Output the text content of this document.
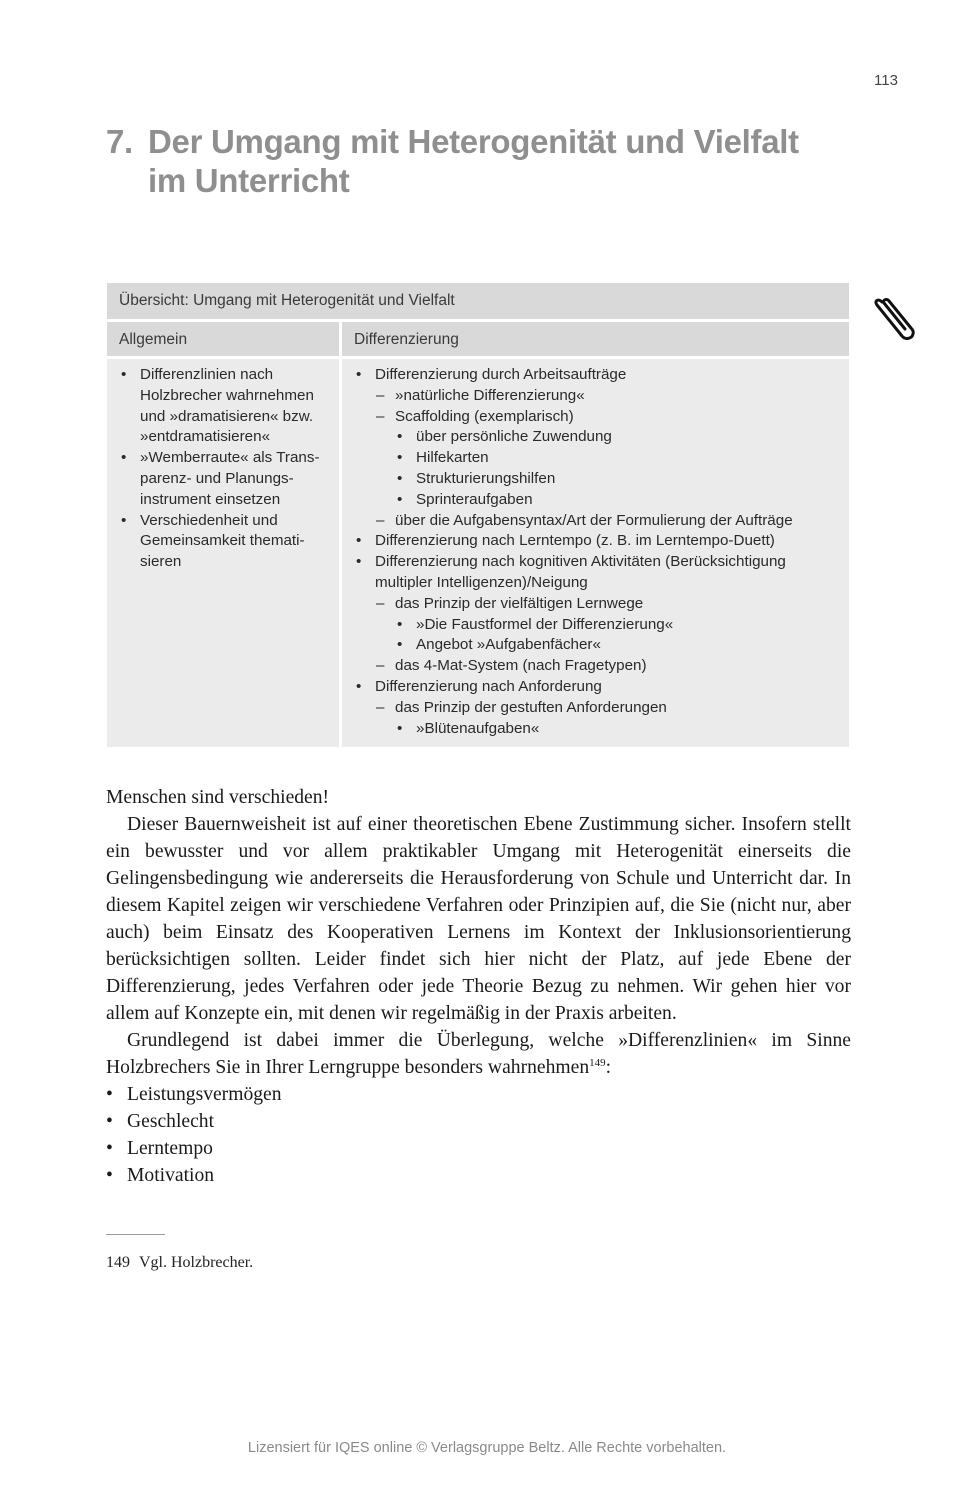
113
7. Der Umgang mit Heterogenität und Vielfalt
im Unterricht
Übersicht: Umgang mit Heterogenität und Vielfalt
Allgemein	Differenzierung
• Differenzlinien nach
Holzbrecher wahrnehmen
und »dramatisieren« bzw.
»entdramatisieren«
• »Wemberraute« als Trans-
parenz- und Planungs-
instrument einsetzen
• Verschiedenheit und
Gemeinsamkeit themati-
sieren
• Differenzierung durch Arbeitsaufträge
– »natürliche Differenzierung«
– Scaffolding (exemplarisch)
• über persönliche Zuwendung
• Hilfekarten
• Strukturierungshilfen
• Sprinteraufgaben
– über die Aufgabensyntax/Art der Formulierung der Aufträge
• Differenzierung nach Lerntempo (z. B. im Lerntempo-Duett)
• Differenzierung nach kognitiven Aktivitäten (Berücksichtigung
multipler Intelligenzen)/Neigung
– das Prinzip der vielfältigen Lernwege
• »Die Faustformel der Differenzierung«
• Angebot »Aufgabenfächer«
– das 4-Mat-System (nach Fragetypen)
• Differenzierung nach Anforderung
– das Prinzip der gestuften Anforderungen
• »Blütenaufgaben«

Menschen sind verschieden!

Dieser Bauernweisheit ist auf einer theoretischen Ebene Zustimmung sicher. Insofern stellt ein bewusster und vor allem praktikabler Umgang mit Heterogenität einerseits die Gelingensbedingung wie andererseits die Herausforderung von Schule und Unterricht dar. In diesem Kapitel zeigen wir verschiedene Verfahren oder Prinzipien auf, die Sie (nicht nur, aber auch) beim Einsatz des Kooperativen Lernens im Kontext der Inklusionsorientierung berücksichtigen sollten. Leider findet sich hier nicht der Platz, auf jede Ebene der Differenzierung, jedes Verfahren oder jede Theorie Bezug zu nehmen. Wir gehen hier vor allem auf Konzepte ein, mit denen wir regelmäßig in der Praxis arbeiten.

Grundlegend ist dabei immer die Überlegung, welche »Differenzlinien« im Sinne Holzbrechers Sie in Ihrer Lerngruppe besonders wahrnehmen$^{149}$:

• Leistungsvermögen
• Geschlecht
• Lerntempo
• Motivation
149 Vgl. Holzbrecher.
Lizensiert für IQES online © Verlagsgruppe Beltz. Alle Rechte vorbehalten.
